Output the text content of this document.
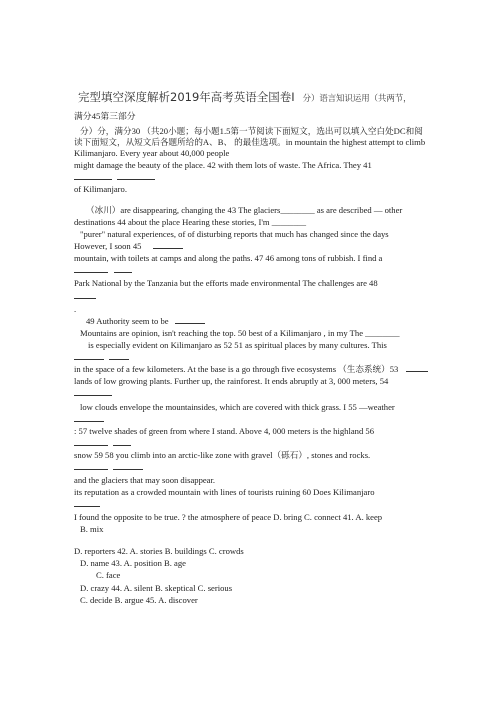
完型填空深度解析2019年高考英语全国卷Ⅰ 分）语言知识运用（共两节，
满分45第三部分
分）分，满分30 （共20小题；每小题1.5第一节阅读下面短文，选出可以填入空白处DC和阅
读下面短文，从短文后各题所给的A、B、 的最佳选项。in mountain the highest attempt to climb
Kilimanjaro. Every year about 40,000 people
might damage the beauty of the place. 42 with them lots of waste. The Africa. They 41
of Kilimanjaro.
（冰川）are disappearing, changing the 43 The glaciers________ as are described — other
destinations 44 about the place Hearing these stories, I'm ________
"purer" natural experiences, of of disturbing reports that much has changed since the days
However, I soon 45
mountain, with toilets at camps and along the paths. 47 46 among tons of rubbish. I find a
Park National by the Tanzania but the efforts made environmental The challenges are 48
.
49 Authority seem to be
Mountains are opinion, isn't reaching the top. 50 best of a Kilimanjaro , in my The ________
is especially evident on Kilimanjaro as 52 51 as spiritual places by many cultures. This
in the space of a few kilometers. At the base is a go through five ecosystems （生态系统）53
lands of low growing plants. Further up, the rainforest. It ends abruptly at 3, 000 meters, 54
low clouds envelope the mountainsides, which are covered with thick grass. I 55 —weather
: 57 twelve shades of green from where I stand. Above 4, 000 meters is the highland 56
snow 59 58 you climb into an arctic-like zone with gravel（砾石）, stones and rocks.
and the glaciers that may soon disappear.
its reputation as a crowded mountain with lines of tourists ruining 60 Does Kilimanjaro
I found the opposite to be true. ? the atmosphere of peace D. bring C. connect 41. A. keep
B. mix
D. reporters 42. A. stories B. buildings C. crowds
D. name 43. A. position B. age
C. face
D. crazy 44. A. silent B. skeptical C. serious
C. decide B. argue 45. A. discover
